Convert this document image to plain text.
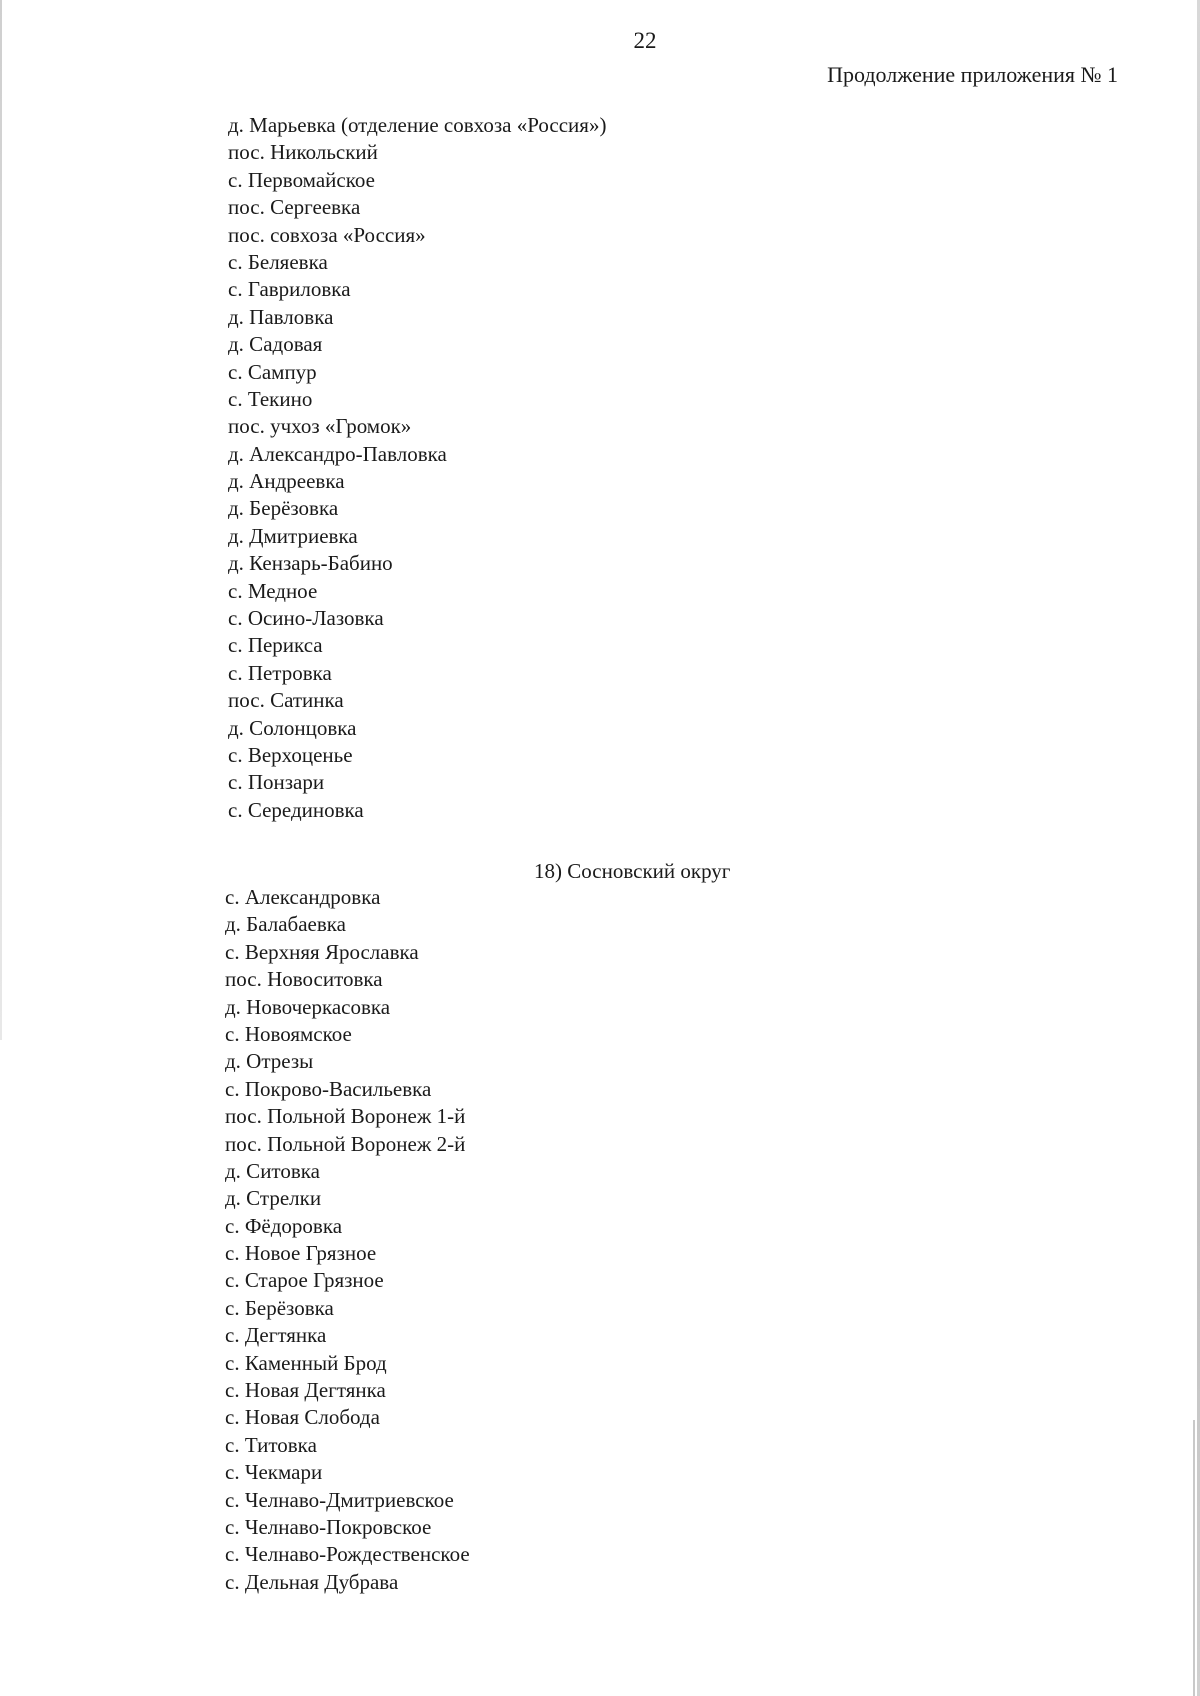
22
Продолжение приложения № 1
д. Марьевка (отделение совхоза «Россия»)
пос. Никольский
с. Первомайское
пос. Сергеевка
пос. совхоза «Россия»
с. Беляевка
с. Гавриловка
д. Павловка
д. Садовая
с. Сампур
с. Текино
пос. учхоз «Громок»
д. Александро-Павловка
д. Андреевка
д. Берёзовка
д. Дмитриевка
д. Кензарь-Бабино
с. Медное
с. Осино-Лазовка
с. Перикса
с. Петровка
пос. Сатинка
д. Солонцовка
с. Верхоценье
с. Понзари
с. Серединовка
18) Сосновский округ
с. Александровка
д. Балабаевка
с. Верхняя Ярославка
пос. Новоситовка
д. Новочеркасовка
с. Новоямское
д. Отрезы
с. Покрово-Васильевка
пос. Польной Воронеж 1-й
пос. Польной Воронеж 2-й
д. Ситовка
д. Стрелки
с. Фёдоровка
с. Новое Грязное
с. Старое Грязное
с. Берёзовка
с. Дегтянка
с. Каменный Брод
с. Новая Дегтянка
с. Новая Слобода
с. Титовка
с. Чекмари
с. Челнаво-Дмитриевское
с. Челнаво-Покровское
с. Челнаво-Рождественское
с. Дельная Дубрава
